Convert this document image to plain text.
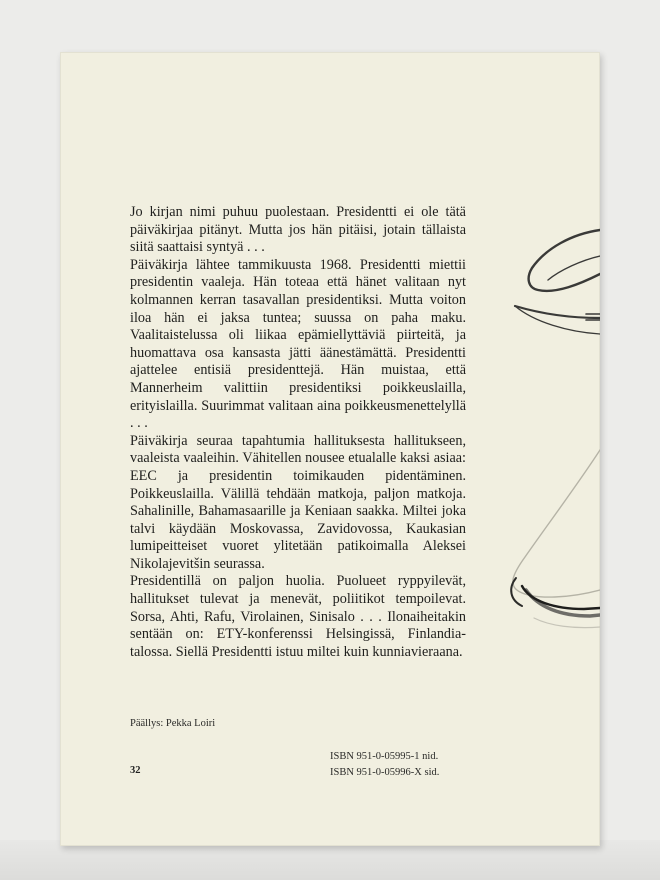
Jo kirjan nimi puhuu puolestaan. Presidentti ei ole tätä päiväkirjaa pitänyt. Mutta jos hän pitäisi, jotain tällaista siitä saattaisi syntyä . . .

Päiväkirja lähtee tammikuusta 1968. Presidentti miettii presidentin vaaleja. Hän toteaa että hänet valitaan nyt kolmannen kerran tasavallan presidentiksi. Mutta voiton iloa hän ei jaksa tuntea; suussa on paha maku. Vaalitaistelussa oli liikaa epämiellyttäviä piirteitä, ja huomattava osa kansasta jätti äänestämättä. Presidentti ajattelee entisiä presidenttejä. Hän muistaa, että Mannerheim valittiin presidentiksi poikkeuslailla, erityislailla. Suurimmat valitaan aina poikkeusmenettelyllä . . .

Päiväkirja seuraa tapahtumia hallituksesta hallitukseen, vaaleista vaaleihin. Vähitellen nousee etualalle kaksi asiaa: EEC ja presidentin toimikauden pidentäminen. Poikkeuslailla. Välillä tehdään matkoja, paljon matkoja. Sahalinille, Bahamasaarille ja Keniaan saakka. Miltei joka talvi käydään Moskovassa, Zavidovossa, Kaukasian lumipeitteiset vuoret ylitetään patikoimalla Aleksei Nikolajevitšin seurassa.

Presidentillä on paljon huolia. Puolueet ryppyilevät, hallitukset tulevat ja menevät, poliitikot tempoilevat. Sorsa, Ahti, Rafu, Virolainen, Sinisalo . . . Ilonaiheitakin sentään on: ETY-konferenssi Helsingissä, Finlandia-talossa. Siellä Presidentti istuu miltei kuin kunniavieraana.

Päällys: Pekka Loiri

32

ISBN 951-0-05995-1 nid.
ISBN 951-0-05996-X sid.
